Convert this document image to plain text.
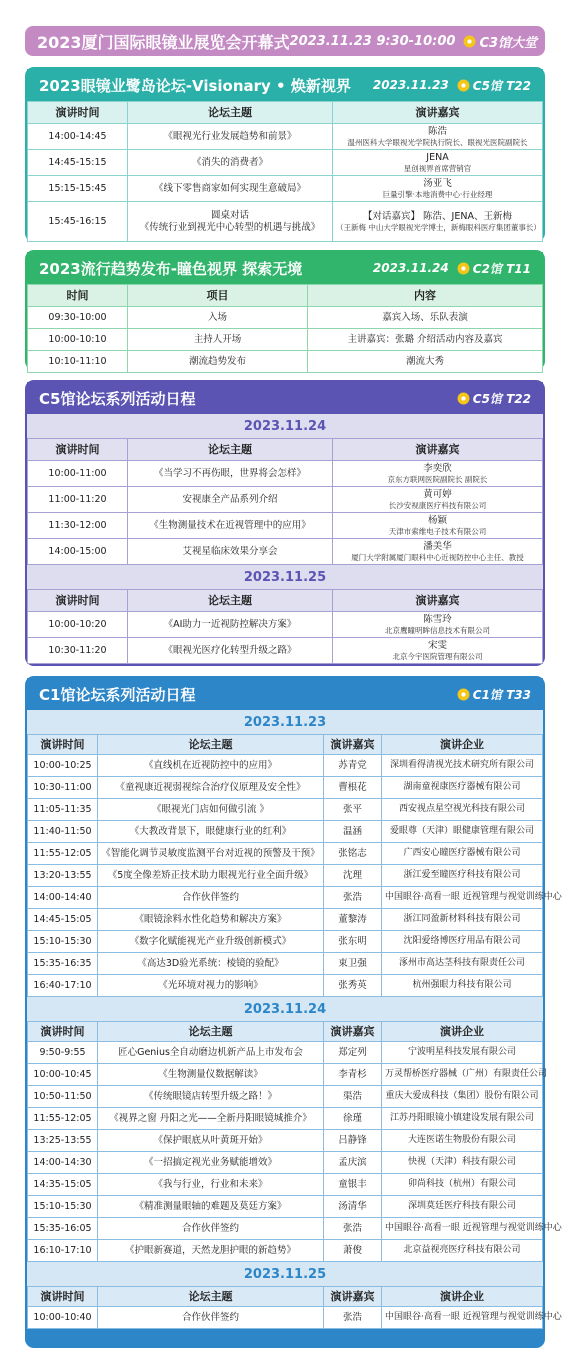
2023厦门国际眼镜业展览会开幕式 2023.11.23 9:30-10:00 C3馆大堂
2023眼镜业鹭岛论坛-Visionary • 焕新视界	2023.11.23 C5馆 T22
演讲时间	论坛主题	演讲嘉宾
14:00-14:45	《眼视光行业发展趋势和前景》	陈浩
温州医科大学眼视光学院执行院长、眼视光医院副院长

14:45-15:15	《消失的消费者》	JENA
星创视界首席营销官

15:15-15:45	《线下零售商家如何实现生意破局》	汤亚飞
巨量引擎·本地消费中心·行业经理

15:45-16:15	圆桌对话
《传统行业到视光中心转型的机遇与挑战》	【对话嘉宾】 陈浩、JENA、王新梅
（王新梅 中山大学眼视光学博士，新梅眼科医疗集团董事长）
2023流行趋势发布-瞳色视界 探索无境	2023.11.24 C2馆 T11
时间	项目	内容
09:30-10:00	入场	嘉宾入场、乐队表演
10:00-10:10	主持人开场	主讲嘉宾：张璐 介绍活动内容及嘉宾
10:10-11:10	潮流趋势发布	潮流大秀
C5馆论坛系列活动日程	C5馆 T22
2023.11.24
演讲时间	论坛主题	演讲嘉宾
10:00-11:00	《当学习不再伤眼，世界将会怎样》	李奕欣
京东方联网医院副院长 副院长

11:00-11:20	安视康全产品系列介绍	黄可婷
长沙安视康医疗科技有限公司

11:30-12:00	《生物测量技术在近视管理中的应用》	杨颖
天津市索维电子技术有限公司

14:00-15:00	艾视星临床效果分享会	潘美华
厦门大学附属厦门眼科中心近视防控中心主任、教授
2023.11.25
演讲时间	论坛主题	演讲嘉宾
10:00-10:20	《AI助力一近视防控解决方案》	陈雪玲
北京鹰瞳明眸信息技术有限公司

10:30-11:20	《眼视光医疗化转型升级之路》	宋雯
北京今宇医院管理有限公司
C1馆论坛系列活动日程	C1馆 T33
2023.11.23
演讲时间	论坛主题	演讲嘉宾	演讲企业
10:00-10:25	《直线机在近视防控中的应用》	苏青党	深圳看得清视光技术研究所有限公司
10:30-11:00	《童视康近视弱视综合治疗仪原理及安全性》	曹根花	湖南童视康医疗器械有限公司
11:05-11:35	《眼视光门店如何做引流 》	张平	西安视点星空视光科技有限公司
11:40-11:50	《大教改背景下，眼健康行业的红利》	温涵	爱眼尊（天津）眼健康管理有限公司
11:55-12:05	《智能化调节灵敏度监测平台对近视的预警及干预》	张铭志	广西安心瞳医疗器械有限公司
13:20-13:55	《5度全像差矫正技术助力眼视光行业全面升级》	沈理	浙江爱至瞳医疗科技有限公司
14:00-14:40	合作伙伴签约	张浩	中国眼谷·高看一眼 近视管理与视觉训练中心
14:45-15:05	《眼镜涂料水性化趋势和解决方案》	董黎涛	浙江同盈新材料科技有限公司
15:10-15:30	《数字化赋能视光产业升级创新模式》	张东明	沈阳爱络博医疗用品有限公司
15:35-16:35	《高达3D验光系统：棱镜的验配》	束卫强	涿州市高达茎科技有限责任公司
16:40-17:10	《光环境对视力的影响》	张秀英	杭州强眼力科技有限公司
2023.11.24
演讲时间	论坛主题	演讲嘉宾	演讲企业
9:50-9:55	匠心Genius全自动磨边机新产品上市发布会	郑定列	宁波明星科技发展有限公司
10:00-10:45	《生物测量仪数据解读》	李青杉	万灵帮桥医疗器械（广州）有限责任公司
10:50-11:50	《传统眼镜店转型升级之路！》	渠浩	重庆大爱成科技（集团）股份有限公司
11:55-12:05	《视界之窗 丹阳之光——全新丹阳眼镜城推介》	徐瑾	江苏丹阳眼镜小镇建设发展有限公司
13:25-13:55	《保护眼底从叶黄斑开始》	吕静锋	大连医诺生物股份有限公司
14:00-14:30	《一招搞定视光业务赋能增效》	孟庆滨	快视（天津）科技有限公司
14:35-15:05	《我与行业，行业和未来》	童银丰	卯尚科技（杭州）有限公司
15:10-15:30	《精准测量眼轴的难题及莫廷方案》	汤清华	深圳莫廷医疗科技有限公司
15:35-16:05	合作伙伴签约	张浩	中国眼谷·高看一眼 近视管理与视觉训练中心
16:10-17:10	《护眼新赛道，天然龙胆护眼的新趋势》	萧俊	北京益视亮医疗科技有限公司
2023.11.25
演讲时间	论坛主题	演讲嘉宾	演讲企业
10:00-10:40	合作伙伴签约	张浩	中国眼谷·高看一眼 近视管理与视觉训练中心
